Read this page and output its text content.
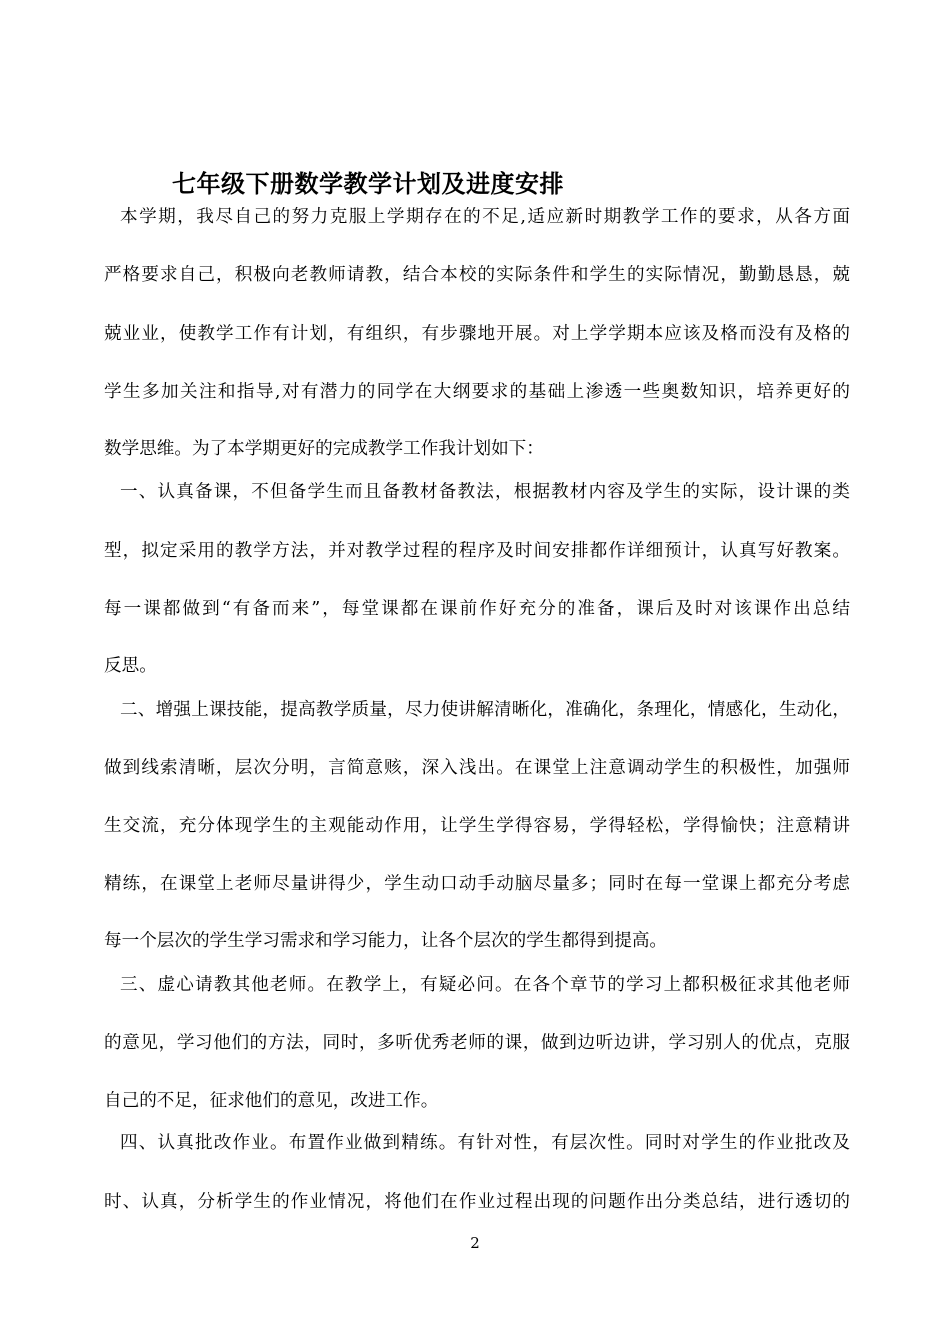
七年级下册数学教学计划及进度安排
本学期，我尽自己的努力克服上学期存在的不足,适应新时期教学工作的要求，从各方面
严格要求自己，积极向老教师请教，结合本校的实际条件和学生的实际情况，勤勤恳恳，兢
兢业业，使教学工作有计划，有组织，有步骤地开展。对上学学期本应该及格而没有及格的
学生多加关注和指导,对有潜力的同学在大纲要求的基础上渗透一些奥数知识，培养更好的
数学思维。为了本学期更好的完成教学工作我计划如下：
一、认真备课，不但备学生而且备教材备教法，根据教材内容及学生的实际，设计课的类
型，拟定采用的教学方法，并对教学过程的程序及时间安排都作详细预计，认真写好教案。
每一课都做到“有备而来”，每堂课都在课前作好充分的准备，课后及时对该课作出总结
反思。
二、增强上课技能，提高教学质量，尽力使讲解清晰化，准确化，条理化，情感化，生动化，
做到线索清晰，层次分明，言简意赅，深入浅出。在课堂上注意调动学生的积极性，加强师
生交流，充分体现学生的主观能动作用，让学生学得容易，学得轻松，学得愉快；注意精讲
精练，在课堂上老师尽量讲得少，学生动口动手动脑尽量多；同时在每一堂课上都充分考虑
每一个层次的学生学习需求和学习能力，让各个层次的学生都得到提高。
三、虚心请教其他老师。在教学上，有疑必问。在各个章节的学习上都积极征求其他老师
的意见，学习他们的方法，同时，多听优秀老师的课，做到边听边讲，学习别人的优点，克服
自己的不足，征求他们的意见，改进工作。
四、认真批改作业。布置作业做到精练。有针对性，有层次性。同时对学生的作业批改及
时、认真，分析学生的作业情况，将他们在作业过程出现的问题作出分类总结，进行透切的
2
